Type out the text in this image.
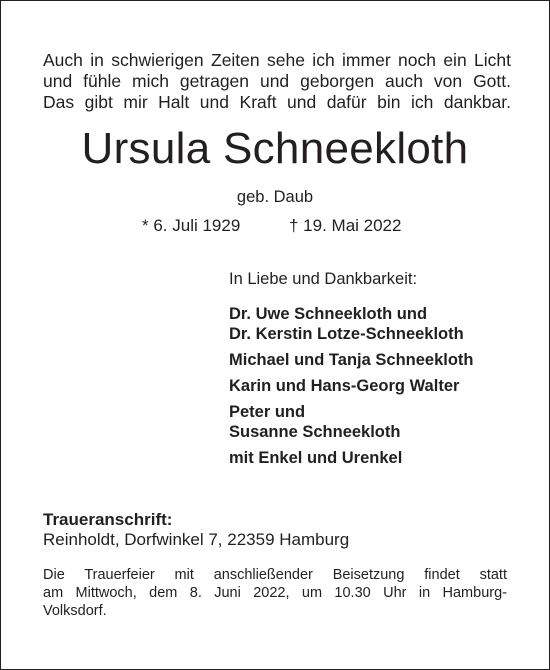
Auch in schwierigen Zeiten sehe ich immer noch ein Licht
und fühle mich getragen und geborgen auch von Gott.
Das gibt mir Halt und Kraft und dafür bin ich dankbar.
Ursula Schneekloth
geb. Daub
* 6. Juli 1929	† 19. Mai 2022
In Liebe und Dankbarkeit:
Dr. Uwe Schneekloth und
Dr. Kerstin Lotze-Schneekloth
Michael und Tanja Schneekloth
Karin und Hans-Georg Walter
Peter und
Susanne Schneekloth
mit Enkel und Urenkel
Traueranschrift:
Reinholdt, Dorfwinkel 7, 22359 Hamburg
Die Trauerfeier mit anschließender Beisetzung findet statt
am Mittwoch, dem 8. Juni 2022, um 10.30 Uhr in Hamburg-
Volksdorf.
